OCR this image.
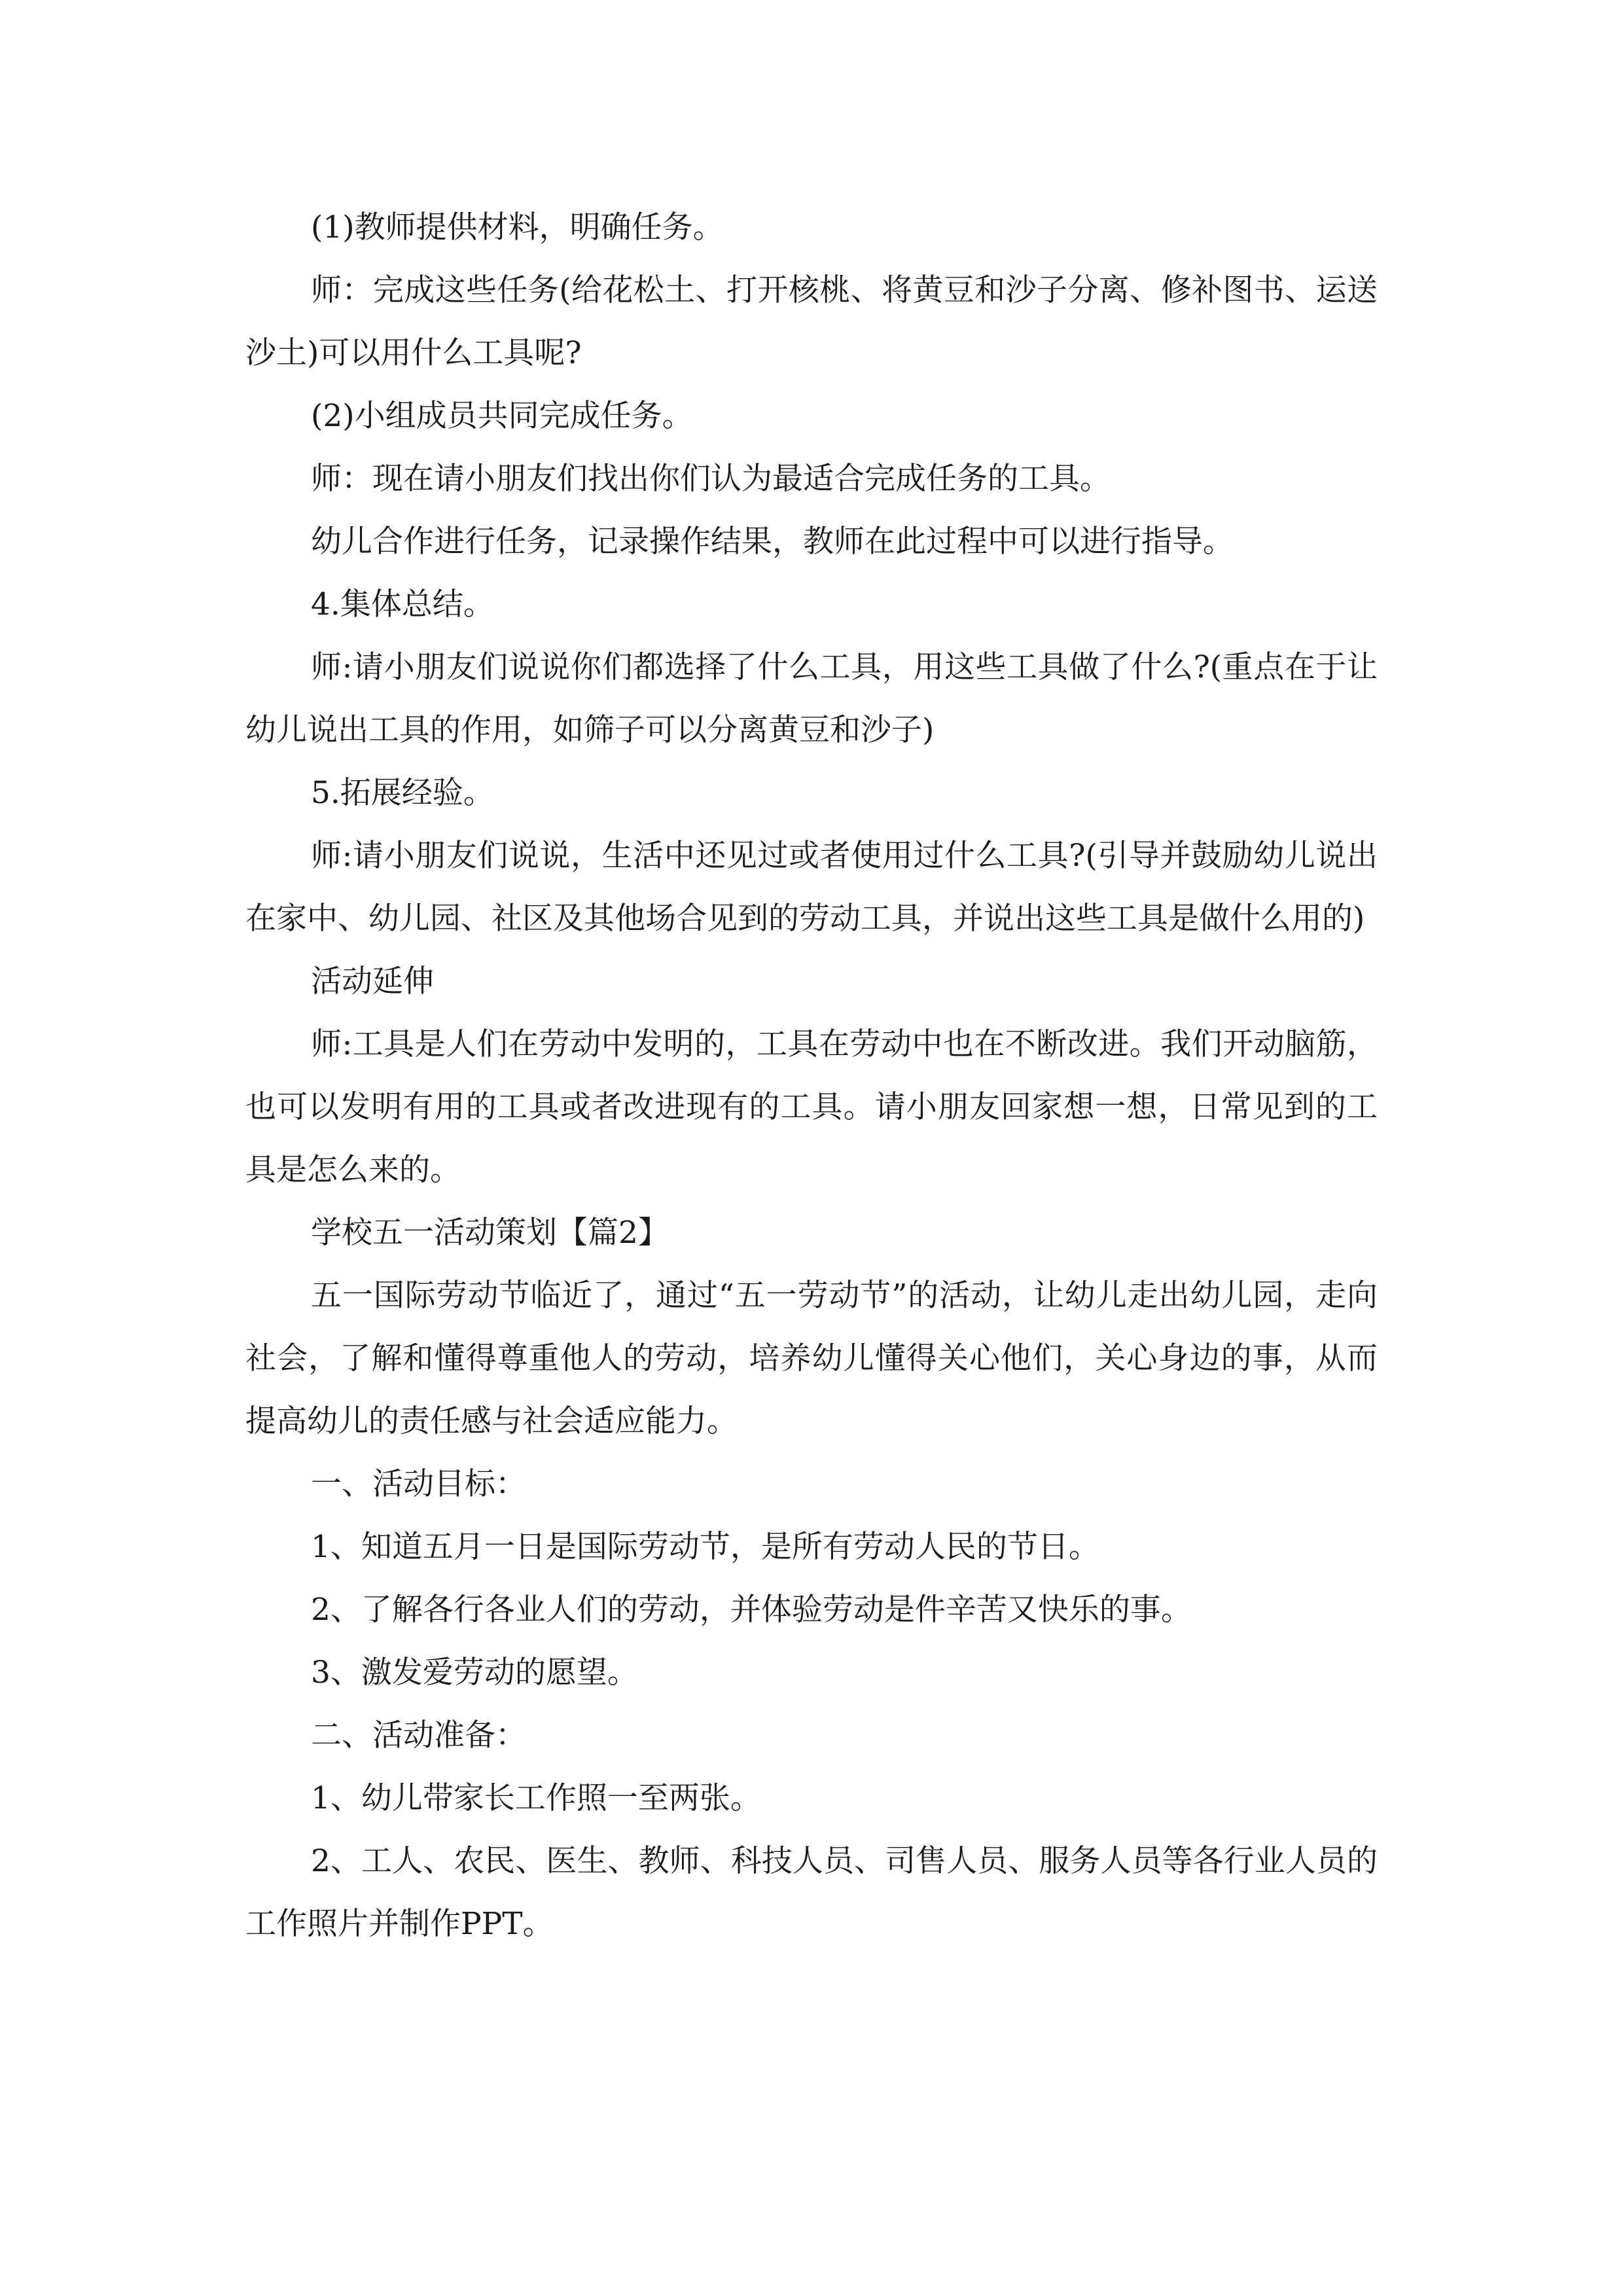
(1)教师提供材料，明确任务。

师：完成这些任务(给花松土、打开核桃、将黄豆和沙子分离、修补图书、运送沙土)可以用什么工具呢?

(2)小组成员共同完成任务。

师：现在请小朋友们找出你们认为最适合完成任务的工具。

幼儿合作进行任务，记录操作结果，教师在此过程中可以进行指导。

4.集体总结。

师:请小朋友们说说你们都选择了什么工具，用这些工具做了什么?(重点在于让幼儿说出工具的作用，如筛子可以分离黄豆和沙子)

5.拓展经验。

师:请小朋友们说说，生活中还见过或者使用过什么工具?(引导并鼓励幼儿说出在家中、幼儿园、社区及其他场合见到的劳动工具，并说出这些工具是做什么用的)

活动延伸

师:工具是人们在劳动中发明的，工具在劳动中也在不断改进。我们开动脑筋，也可以发明有用的工具或者改进现有的工具。请小朋友回家想一想，日常见到的工具是怎么来的。

学校五一活动策划【篇2】

五一国际劳动节临近了，通过“五一劳动节”的活动，让幼儿走出幼儿园，走向社会，了解和懂得尊重他人的劳动，培养幼儿懂得关心他们，关心身边的事，从而提高幼儿的责任感与社会适应能力。

一、活动目标：

1、知道五月一日是国际劳动节，是所有劳动人民的节日。

2、了解各行各业人们的劳动，并体验劳动是件辛苦又快乐的事。

3、激发爱劳动的愿望。

二、活动准备：

1、幼儿带家长工作照一至两张。

2、工人、农民、医生、教师、科技人员、司售人员、服务人员等各行业人员的工作照片并制作PPT。
